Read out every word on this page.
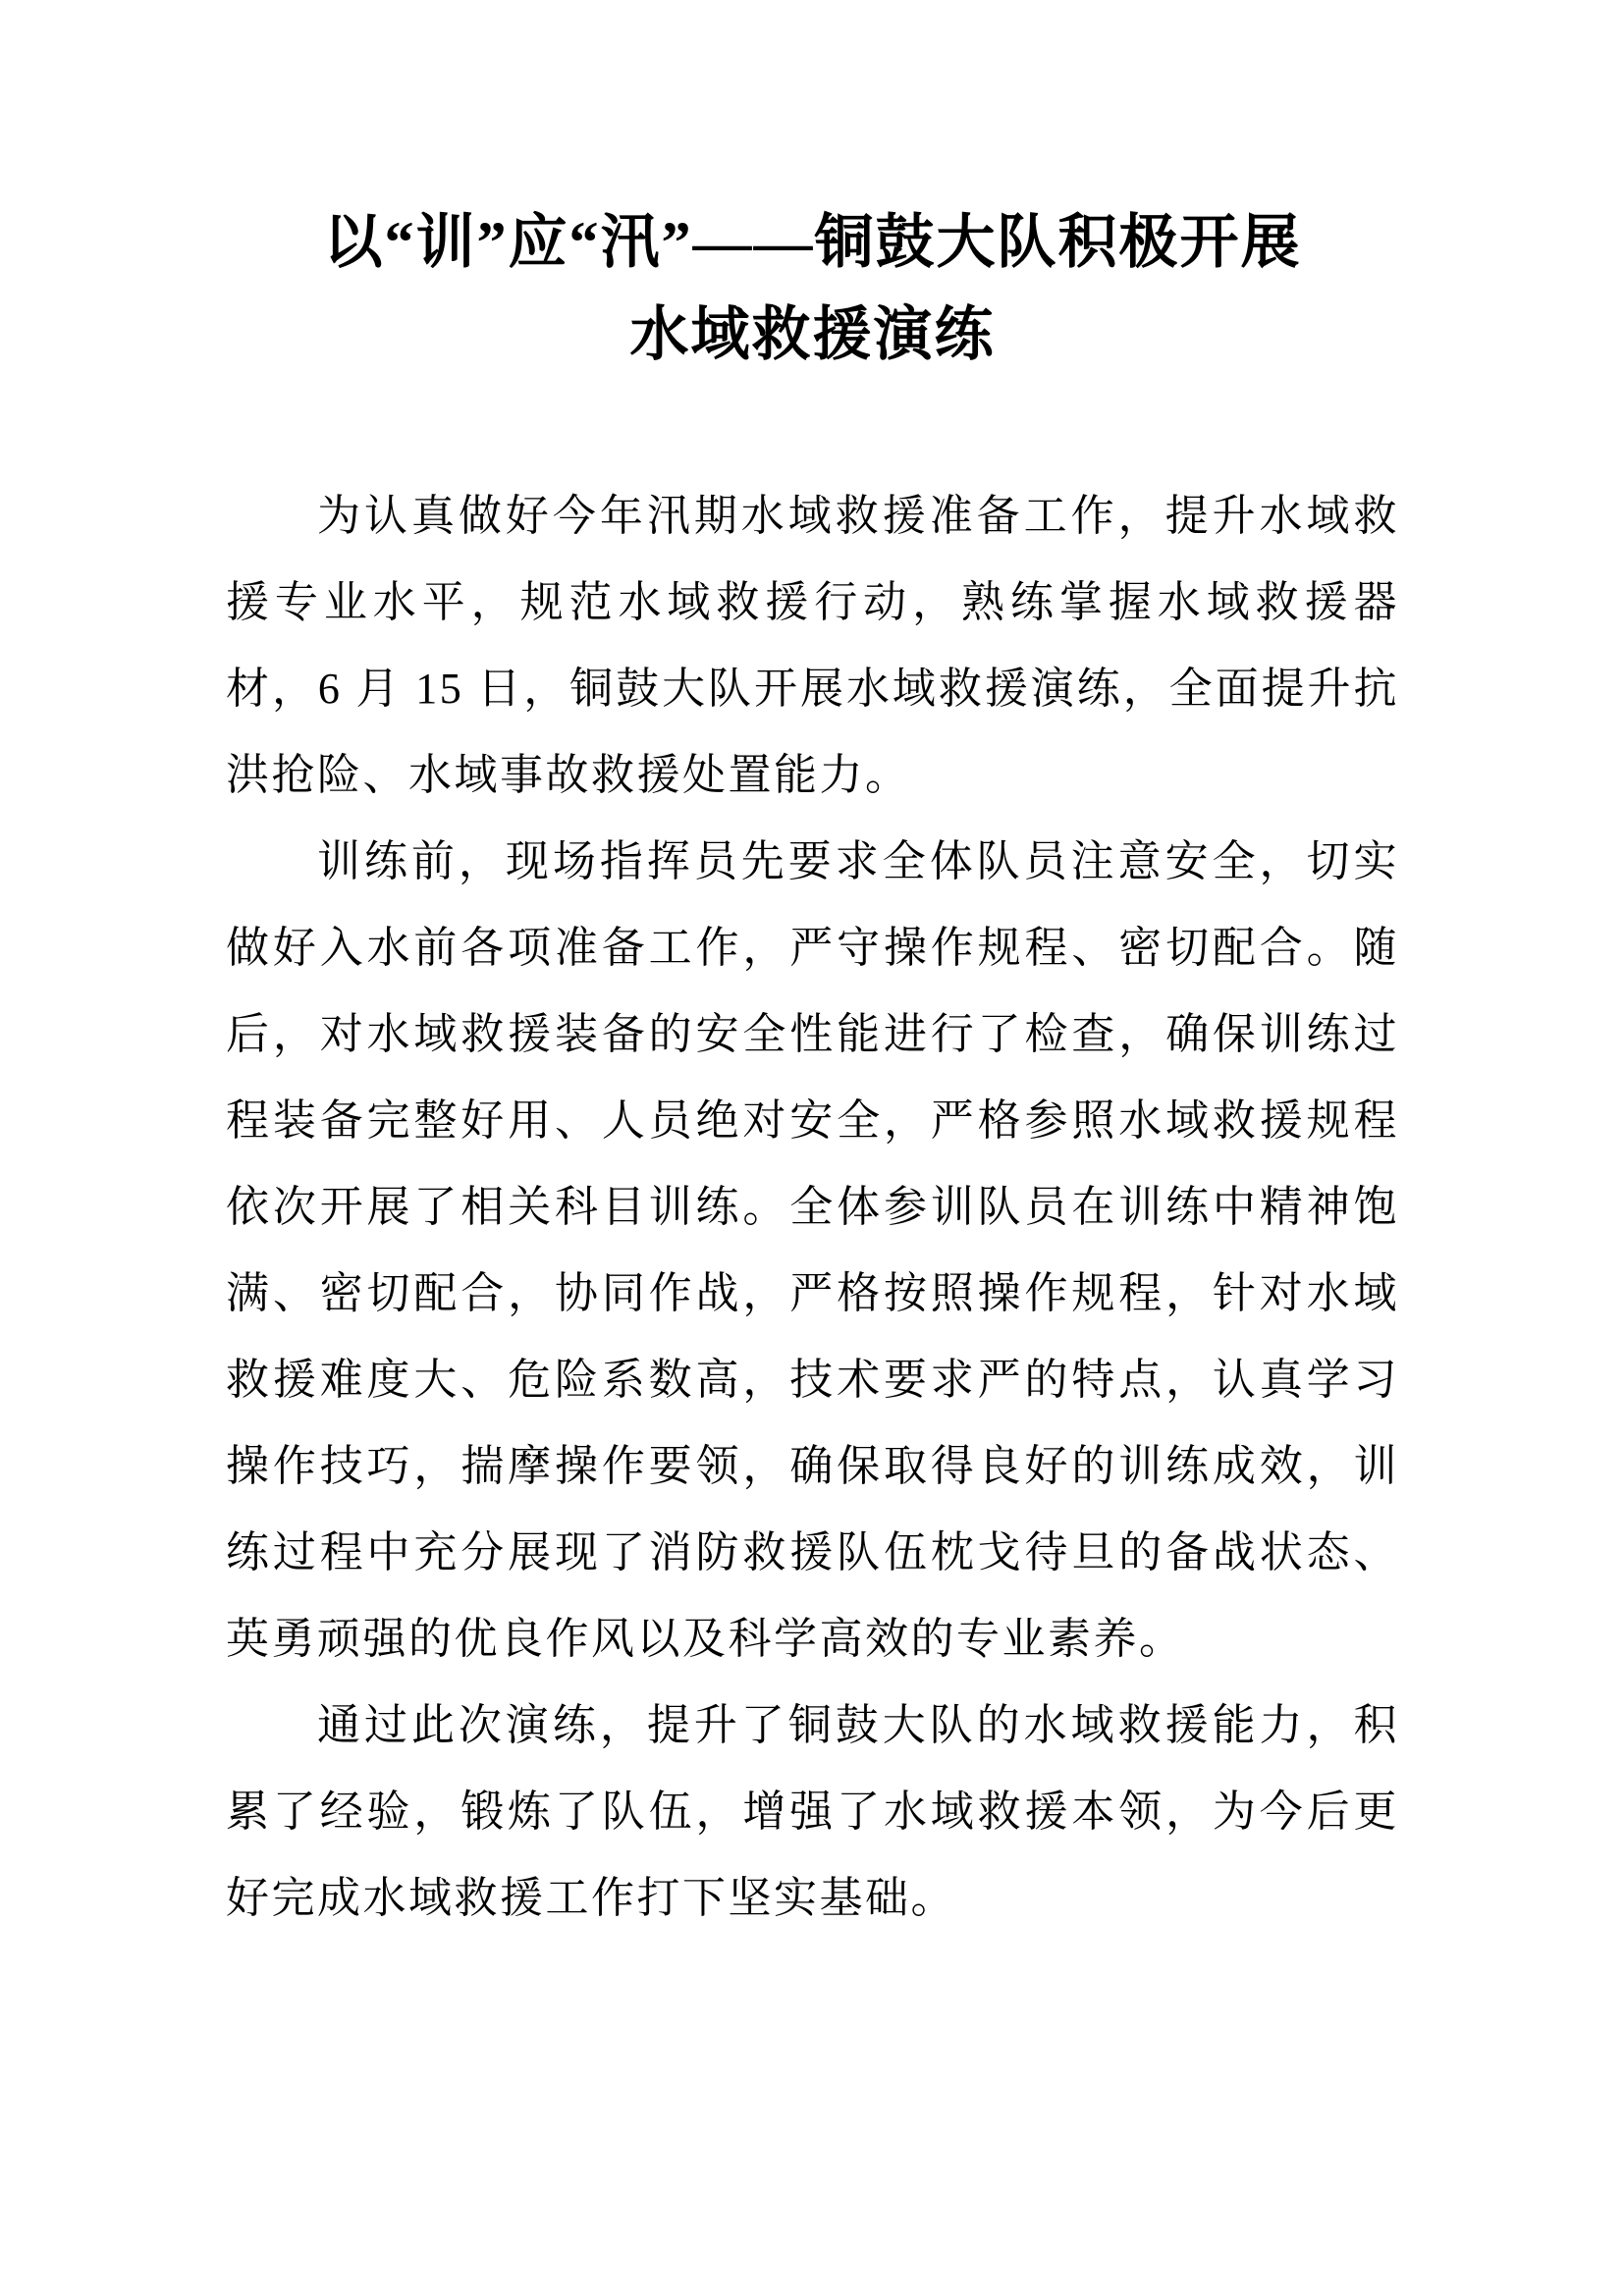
以“训”应“汛”——铜鼓大队积极开展
水域救援演练

为认真做好今年汛期水域救援准备工作，提升水域救援专业水平，规范水域救援行动，熟练掌握水域救援器材，6 月 15 日，铜鼓大队开展水域救援演练，全面提升抗洪抢险、水域事故救援处置能力。

训练前，现场指挥员先要求全体队员注意安全，切实做好入水前各项准备工作，严守操作规程、密切配合。随后，对水域救援装备的安全性能进行了检查，确保训练过程装备完整好用、人员绝对安全，严格参照水域救援规程依次开展了相关科目训练。全体参训队员在训练中精神饱满、密切配合，协同作战，严格按照操作规程，针对水域救援难度大、危险系数高，技术要求严的特点，认真学习操作技巧，揣摩操作要领，确保取得良好的训练成效，训练过程中充分展现了消防救援队伍枕戈待旦的备战状态、英勇顽强的优良作风以及科学高效的专业素养。

通过此次演练，提升了铜鼓大队的水域救援能力，积累了经验，锻炼了队伍，增强了水域救援本领，为今后更好完成水域救援工作打下坚实基础。
